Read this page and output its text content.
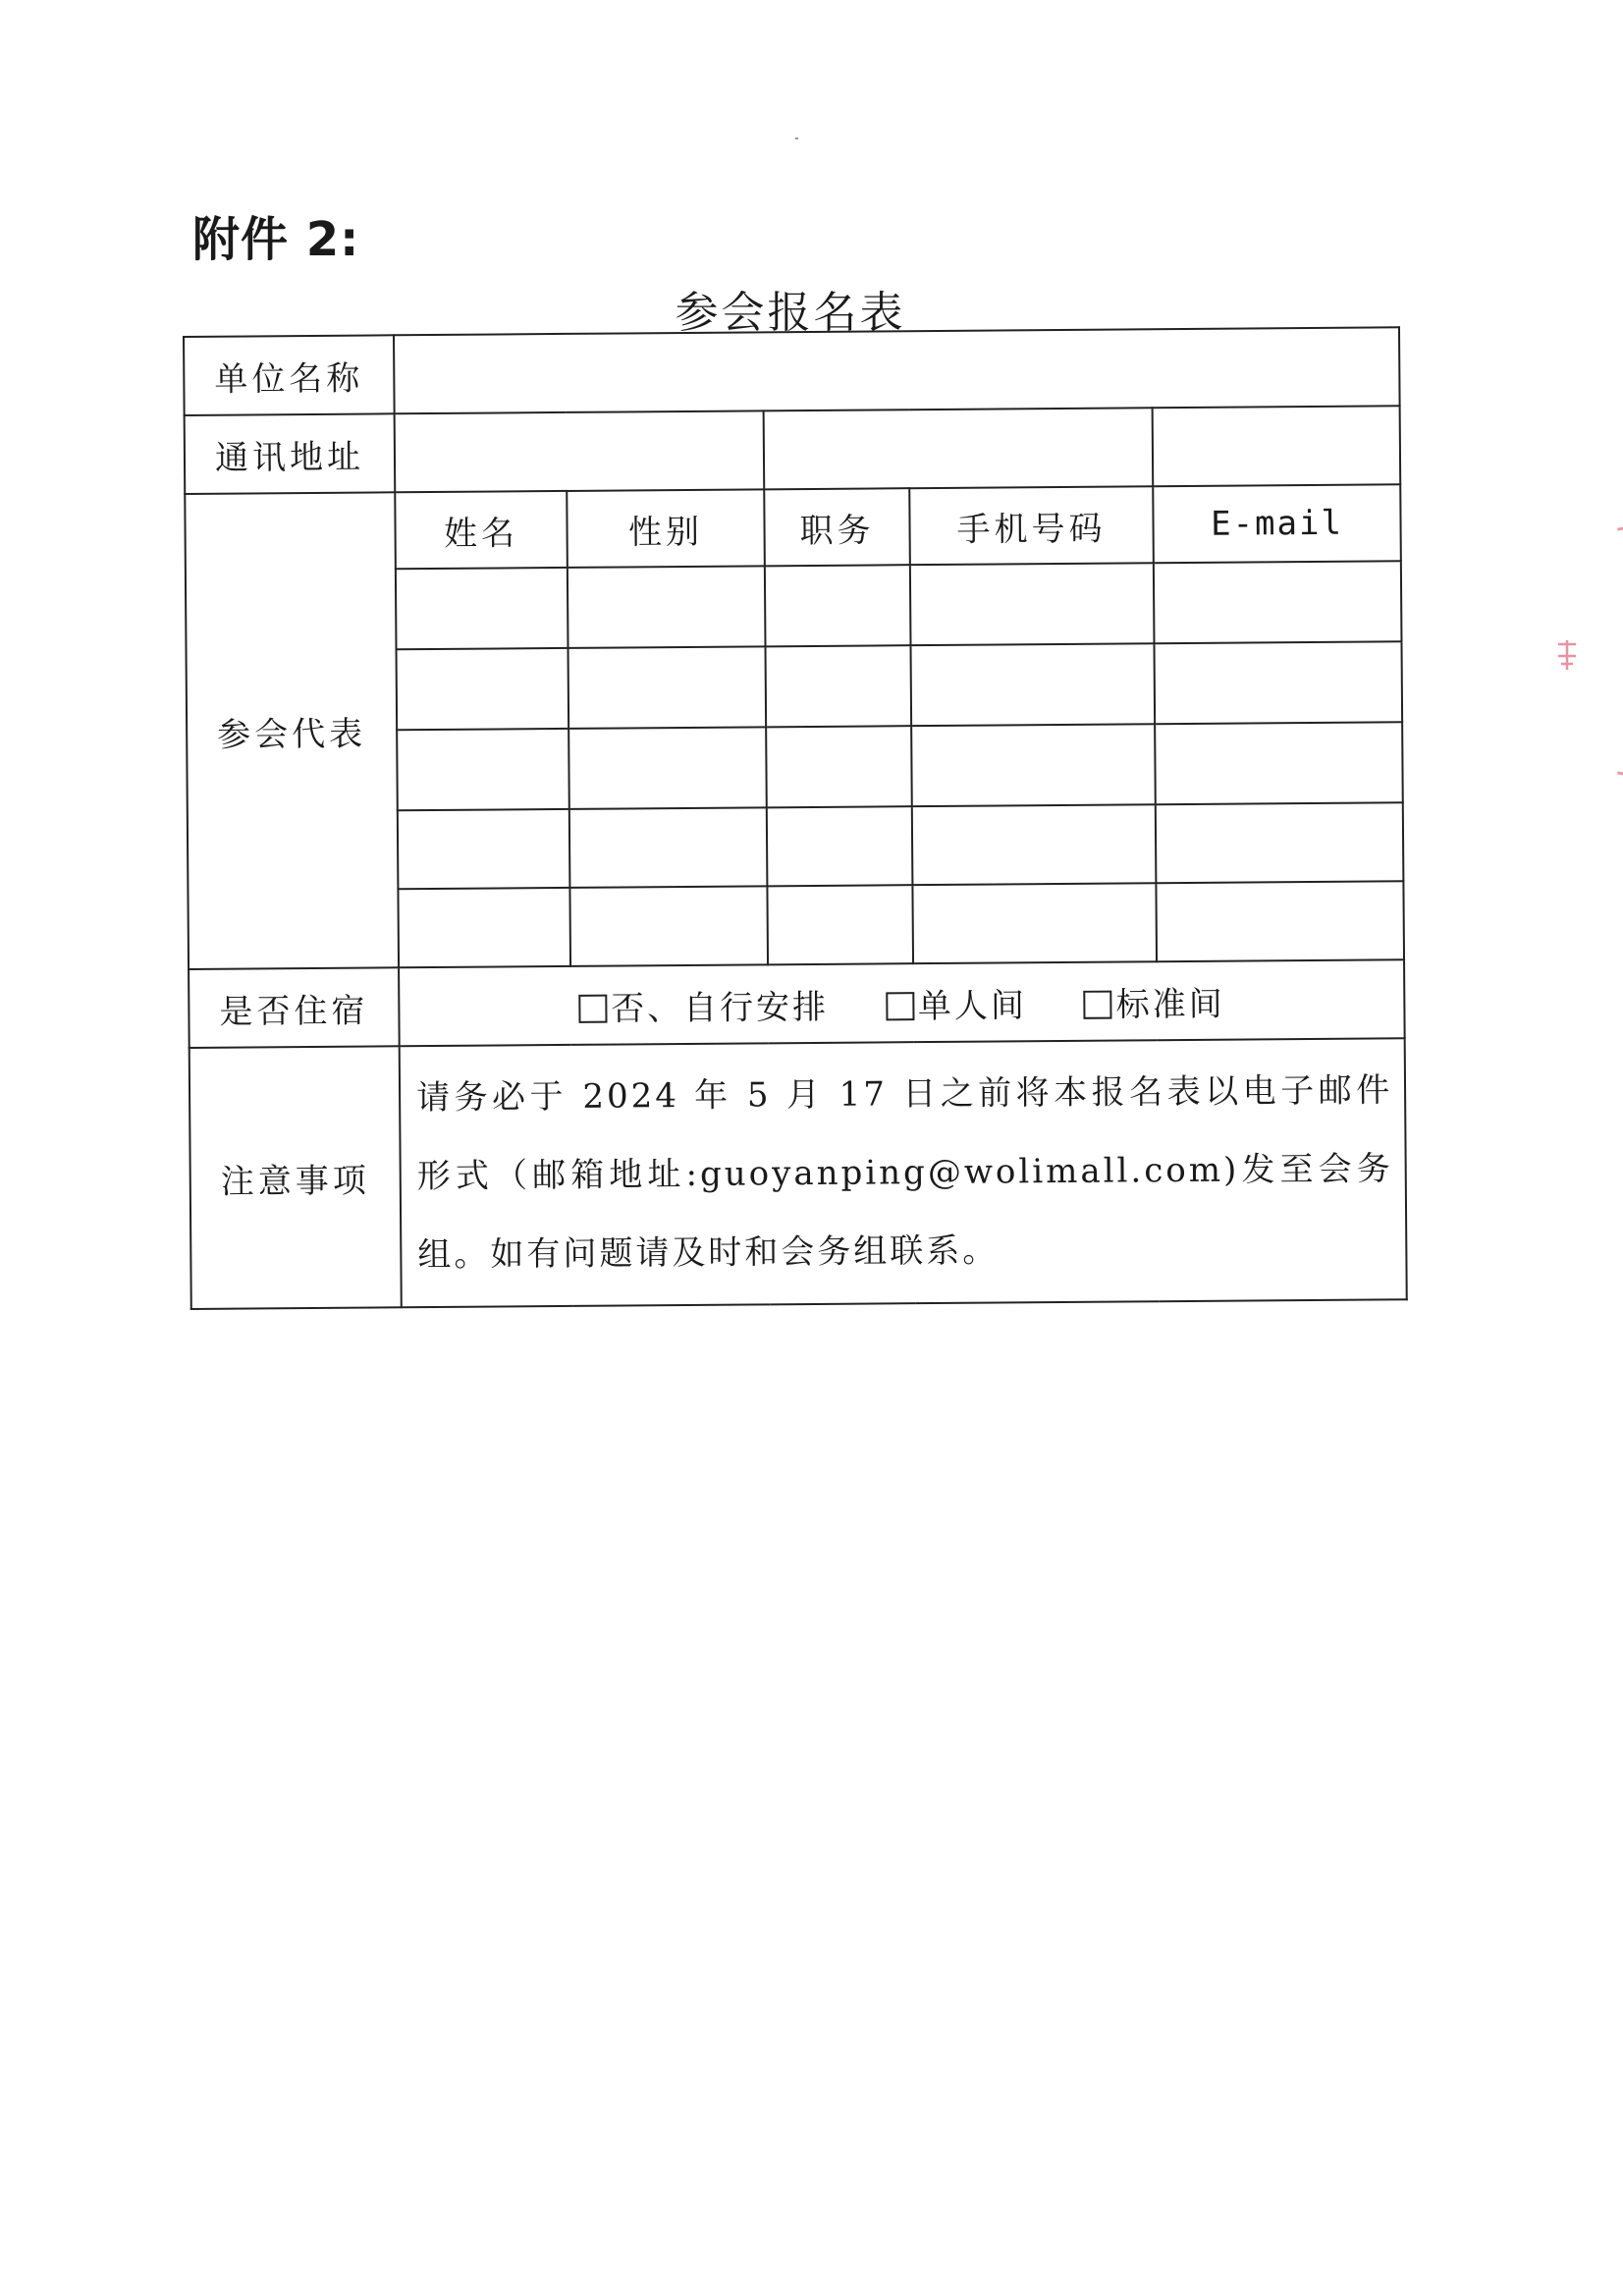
附件 2:
参会报名表
单位名称					
通讯地址					
参会代表	姓名	性别	职务	手机号码	E-mail

是否住宿	否、自行安排 单人间 标准间				
注意事项	请务必于 2024 年 5 月 17 日之前将本报名表以电子邮件形式（邮箱地址:guoyanping@wolimall.com)发至会务组。如有问题请及时和会务组联系。				
